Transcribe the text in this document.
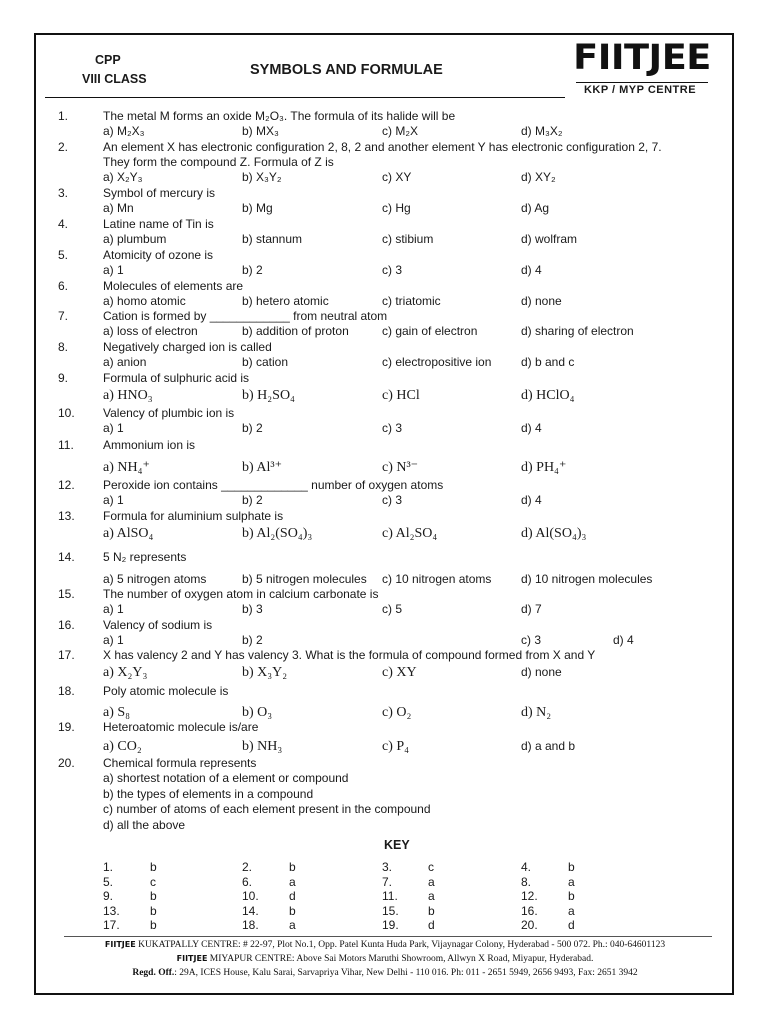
CPP
VIII CLASS
SYMBOLS AND FORMULAE	FIITJEE
KKP / MYP CENTRE
1.	The metal M forms an oxide M₂O₃. The formula of its halide will be
a) M₂X₃	b) MX₃	c) M₂X	d) M₃X₂
2.	An element X has electronic configuration 2, 8, 2 and another element Y has electronic configuration 2, 7.
They form the compound Z. Formula of Z is
a) X₂Y₃	b) X₃Y₂	c) XY	d) XY₂
3.	Symbol of mercury is
a) Mn	b) Mg	c) Hg	d) Ag
4.	Latine name of Tin is
a) plumbum	b) stannum	c) stibium	d) wolfram
5.	Atomicity of ozone is
a) 1	b) 2	c) 3	d) 4
6.	Molecules of elements are
a) homo atomic	b) hetero atomic	c) triatomic	d) none
7.	Cation is formed by ____________ from neutral atom
a) loss of electron	b) addition of proton	c) gain of electron	d) sharing of electron
8.	Negatively charged ion is called
a) anion	b) cation	c) electropositive ion d) b and c
9.	Formula of sulphuric acid is
a) HNO₃	b) H₂SO₄	c) HCl	d) HClO₄
10. Valency of plumbic ion is
a) 1	b) 2	c) 3	d) 4
11. Ammonium ion is
a) NH₄⁺	b) Al³⁺	c) N³⁻	d) PH₄⁺
12. Peroxide ion contains _____________ number of oxygen atoms
a) 1	b) 2	c) 3	d) 4
13. Formula for aluminium sulphate is
a) AlSO₄	b) Al₂(SO₄)₃	c) Al₂SO₄	d) Al(SO₄)₃
14. 5 N₂ represents
a) 5 nitrogen atoms	b) 5 nitrogen molecules c) 10 nitrogen atoms d) 10 nitrogen molecules
15. The number of oxygen atom in calcium carbonate is
a) 1	b) 3	c) 5	d) 7
16. Valency of sodium is
a) 1	b) 2	c) 3	d) 4
17. X has valency 2 and Y has valency 3. What is the formula of compound formed from X and Y
a) X₂Y₃	b) X₃Y₂	c) XY	d) none
18. Poly atomic molecule is
a) S₈	b) O₃	c) O₂	d) N₂
19. Heteroatomic molecule is/are
a) CO₂	b) NH₃	c) P₄	d) a and b
20. Chemical formula represents
a) shortest notation of a element or compound
b) the types of elements in a compound
c) number of atoms of each element present in the compound
d) all the above
KEY
1.	b	2.	b	3.	c	4.	b
5.	c	6.	a	7.	a	8.	a
9.	b	10.	d	11.	a	12.	b
13.	b	14.	b	15. b	16.	a
17.	b	18.	a	19. d	20.	d
FIITJEE KUKATPALLY CENTRE: # 22-97, Plot No.1, Opp. Patel Kunta Huda Park, Vijaynagar Colony, Hyderabad - 500 072. Ph.: 040-64601123
FIITJEE MIYAPUR CENTRE: Above Sai Motors Maruthi Showroom, Allwyn X Road, Miyapur, Hyderabad.
Regd. Off.: 29A, ICES House, Kalu Sarai, Sarvapriya Vihar, New Delhi - 110 016. Ph: 011 - 2651 5949, 2656 9493, Fax: 2651 3942
